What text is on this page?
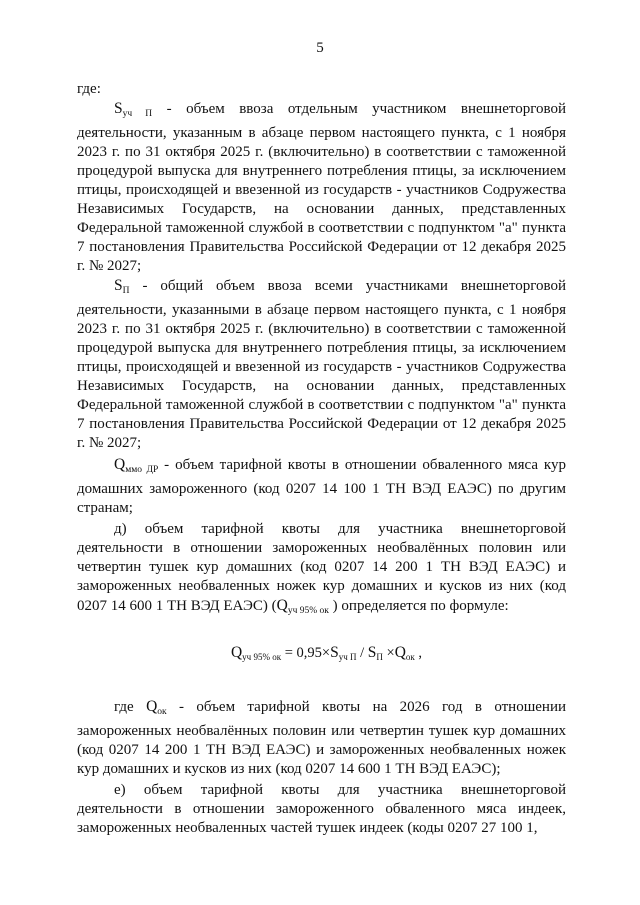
5

где:

$S_{уч П}$ - объем ввоза отдельным участником внешнеторговой деятельности, указанным в абзаце первом настоящего пункта, с 1 ноября 2023 г. по 31 октября 2025 г. (включительно) в соответствии с таможенной процедурой выпуска для внутреннего потребления птицы, за исключением птицы, происходящей и ввезенной из государств - участников Содружества Независимых Государств, на основании данных, представленных Федеральной таможенной службой в соответствии с подпунктом "а" пункта 7 постановления Правительства Российской Федерации от 12 декабря 2025 г. № 2027;

$S_П$ - общий объем ввоза всеми участниками внешнеторговой деятельности, указанными в абзаце первом настоящего пункта, с 1 ноября 2023 г. по 31 октября 2025 г. (включительно) в соответствии с таможенной процедурой выпуска для внутреннего потребления птицы, за исключением птицы, происходящей и ввезенной из государств - участников Содружества Независимых Государств, на основании данных, представленных Федеральной таможенной службой в соответствии с подпунктом "а" пункта 7 постановления Правительства Российской Федерации от 12 декабря 2025 г. № 2027;

$Q_{ммо ДР}$ - объем тарифной квоты в отношении обваленного мяса кур домашних замороженного (код 0207 14 100 1 ТН ВЭД ЕАЭС) по другим странам;

д) объем тарифной квоты для участника внешнеторговой деятельности в отношении замороженных необвалённых половин или четвертин тушек кур домашних (код 0207 14 200 1 ТН ВЭД ЕАЭС) и замороженных необваленных ножек кур домашних и кусков из них (код 0207 14 600 1 ТН ВЭД ЕАЭС) ($Q_{уч 95\% ок}$ ) определяется по формуле:

$Q_{уч 95\% ок} = 0,95\times S_{уч П} / S_П \times Q_{ок}$ ,

где $Q_{ок}$ - объем тарифной квоты на 2026 год в отношении замороженных необвалённых половин или четвертин тушек кур домашних (код 0207 14 200 1 ТН ВЭД ЕАЭС) и замороженных необваленных ножек кур домашних и кусков из них (код 0207 14 600 1 ТН ВЭД ЕАЭС);

е) объем тарифной квоты для участника внешнеторговой деятельности в отношении замороженного обваленного мяса индеек, замороженных необваленных частей тушек индеек (коды 0207 27 100 1,
